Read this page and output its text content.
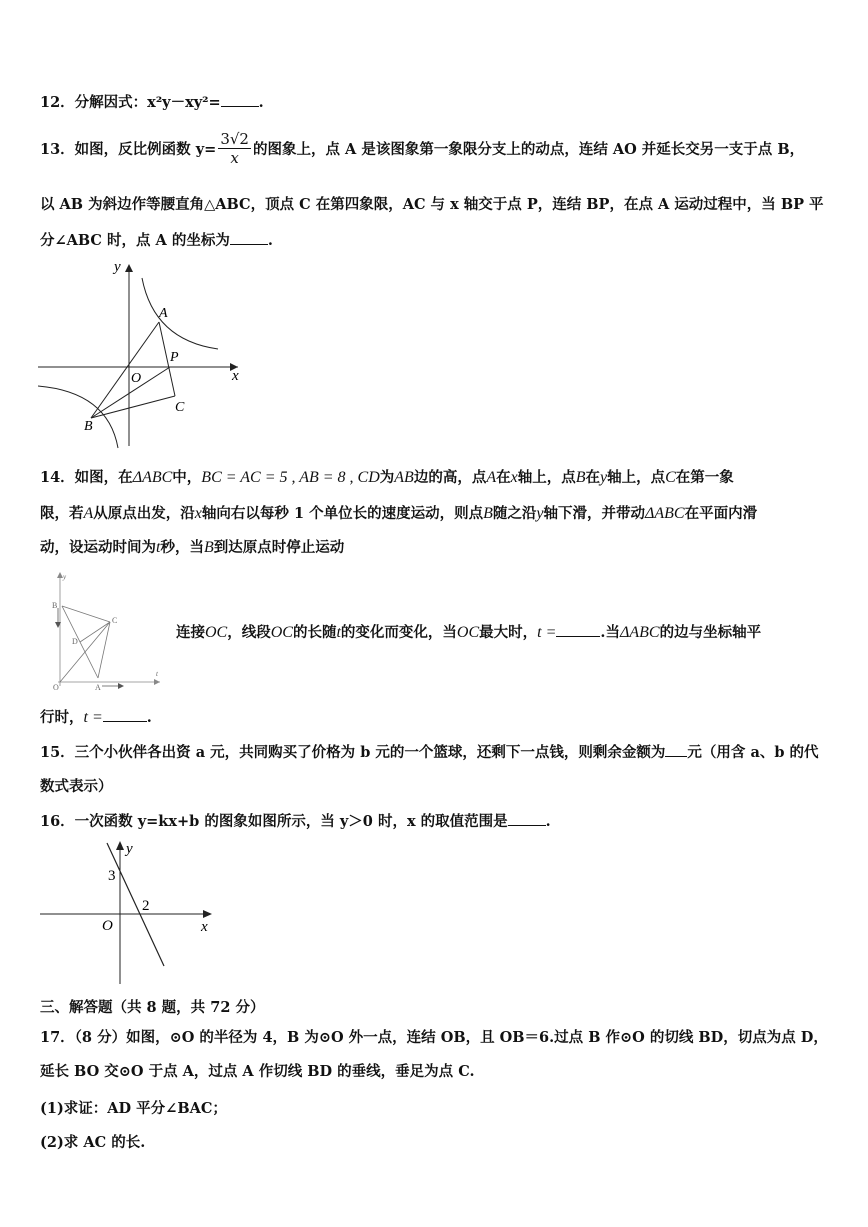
12．分解因式：x²y－xy²=	.
13．如图，反比例函数 $y= \frac{3√2}{x}$ 的图象上，点 A 是该图象第一象限分支上的动点，连结 AO 并延长交另一支于点 B，
以 AB 为斜边作等腰直角△ABC，顶点 C 在第四象限，AC 与 x 轴交于点 P，连结 BP，在点 A 运动过程中，当 BP 平
分∠ABC 时，点 A 的坐标为	.
y
x
A
P
O
C
B
14．如图，在ΔABC中，BC = AC = 5 , AB = 8 , CD为AB边的高，点A在x轴上，点B在y轴上，点C在第一象
限，若A从原点出发，沿x轴向右以每秒 1 个单位长的速度运动，则点B随之沿y轴下滑，并带动ΔABC在平面内滑
动，设运动时间为t秒，当B到达原点时停止运动
y
B
C
D
O	A
t
连接OC，线段OC的长随t的变化而变化，当OC最大时，t =	.当ΔABC的边与坐标轴平
行时，t =	.
15．三个小伙伴各出资 a 元，共同购买了价格为 b 元的一个篮球，还剩下一点钱，则剩余金额为 元（用含 a、b 的代
数式表示）
16．一次函数 y=kx+b 的图象如图所示，当 y＞0 时，x 的取值范围是	.
y
x
O
3
2
三、解答题（共 8 题，共 72 分）
17．（8 分）如图，⊙O 的半径为 4，B 为⊙O 外一点，连结 OB，且 OB＝6.过点 B 作⊙O 的切线 BD，切点为点 D，
延长 BO 交⊙O 于点 A，过点 A 作切线 BD 的垂线，垂足为点 C.
(1)求证：AD 平分∠BAC；
(2)求 AC 的长.
